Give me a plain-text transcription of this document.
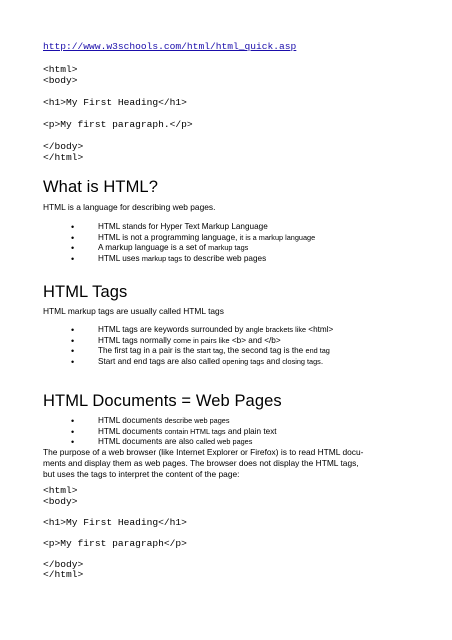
http://www.w3schools.com/html/html_quick.asp
<html>
<body>
<h1>My First Heading</h1>
<p>My first paragraph.</p>
</body>
</html>
What is HTML?
HTML is a language for describing web pages.
• HTML stands for Hyper Text Markup Language
• HTML is not a programming language, it is a markup language
• A markup language is a set of markup tags
• HTML uses markup tags to describe web pages
HTML Tags
HTML markup tags are usually called HTML tags
• HTML tags are keywords surrounded by angle brackets like <html>
• HTML tags normally come in pairs like <b> and </b>
• The first tag in a pair is the start tag, the second tag is the end tag
• Start and end tags are also called opening tags and closing tags.
HTML Documents = Web Pages
• HTML documents describe web pages
• HTML documents contain HTML tags and plain text
• HTML documents are also called web pages
The purpose of a web browser (like Internet Explorer or Firefox) is to read HTML docu-
ments and display them as web pages. The browser does not display the HTML tags,
but uses the tags to interpret the content of the page:
<html>
<body>
<h1>My First Heading</h1>
<p>My first paragraph</p>
</body>
</html>
